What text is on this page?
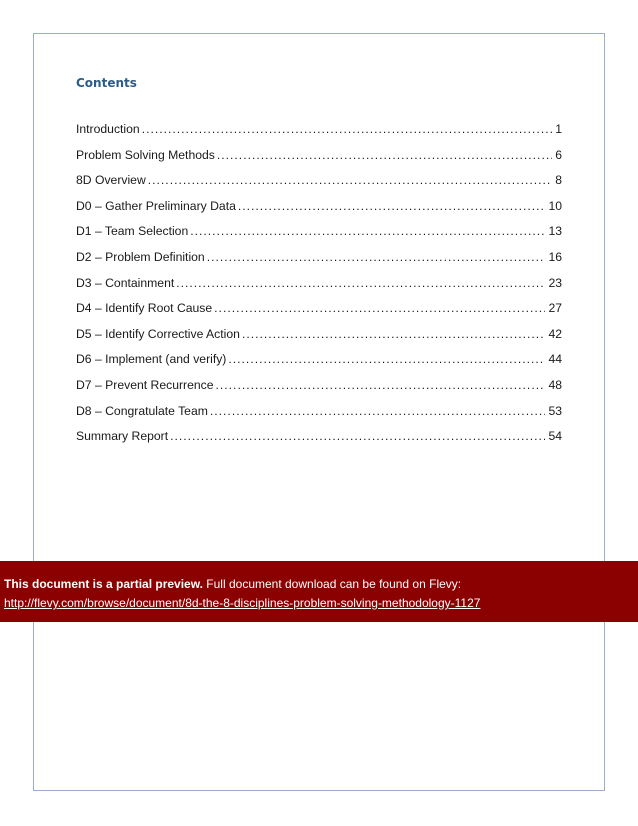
Contents
Introduction .....	1
Problem Solving Methods .....	6
8D Overview .....	8
D0 – Gather Preliminary Data .....	10
D1 – Team Selection .....	13
D2 – Problem Definition .....	16
D3 – Containment .....	23
D4 – Identify Root Cause .....	27
D5 – Identify Corrective Action .....	42
D6 – Implement (and verify) .....	44
D7 – Prevent Recurrence .....	48
D8 – Congratulate Team .....	53
Summary Report .....	54
This document is a partial preview. Full document download can be found on Flevy:
http://flevy.com/browse/document/8d-the-8-disciplines-problem-solving-methodology-1127
